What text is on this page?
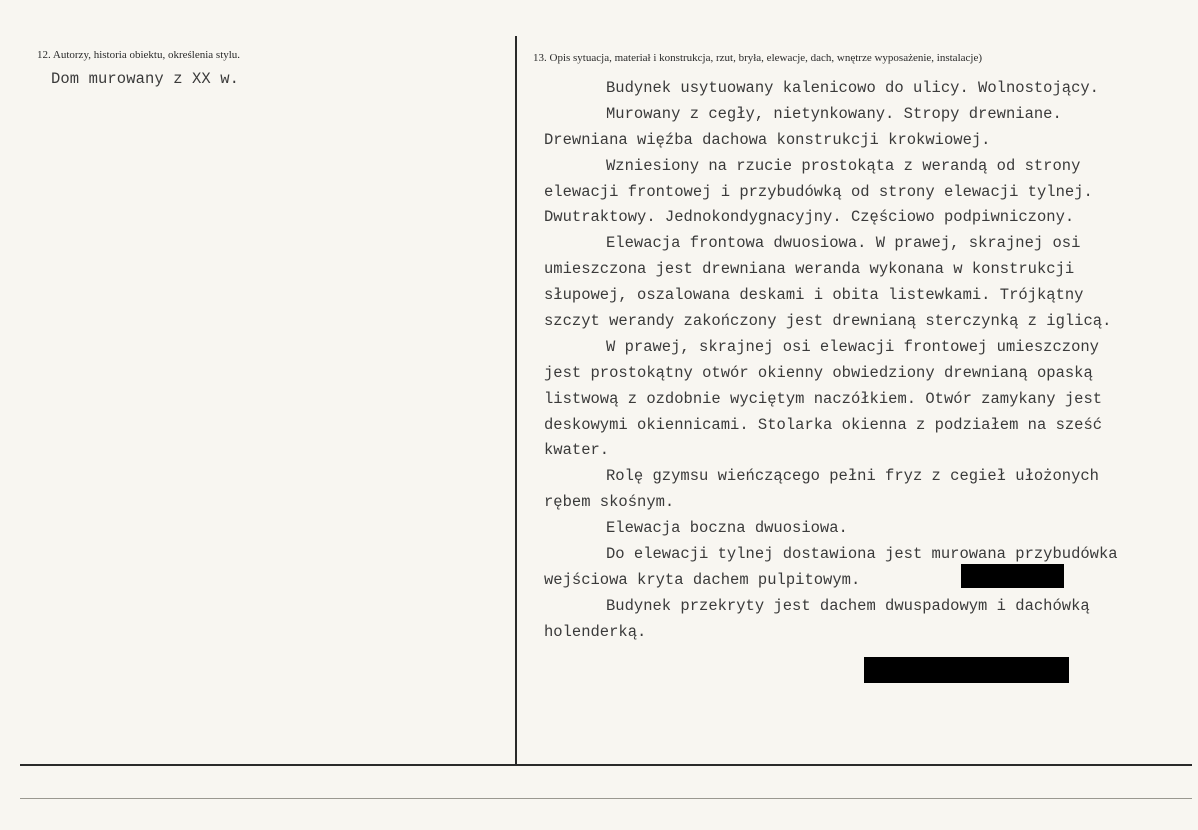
12. Autorzy, historia obiektu, określenia stylu.
Dom murowany z XX w.
13. Opis sytuacja, materiał i konstrukcja, rzut, bryła, elewacje, dach, wnętrze wyposażenie, instalacje)
Budynek usytuowany kalenicowo do ulicy. Wolnostojący.
Murowany z cegły, nietynkowany. Stropy drewniane.
Drewniana więźba dachowa konstrukcji krokwiowej.
Wzniesiony na rzucie prostokąta z werandą od strony
elewacji frontowej i przybudówką od strony elewacji tylnej.
Dwutraktowy. Jednokondygnacyjny. Częściowo podpiwniczony.
Elewacja frontowa dwuosiowa. W prawej, skrajnej osi
umieszczona jest drewniana weranda wykonana w konstrukcji
słupowej, oszalowana deskami i obita listewkami. Trójkątny
szczyt werandy zakończony jest drewnianą sterczynką z iglicą.
W prawej, skrajnej osi elewacji frontowej umieszczony
jest prostokątny otwór okienny obwiedziony drewnianą opaską
listwową z ozdobnie wyciętym naczółkiem. Otwór zamykany jest
deskowymi okiennicami. Stolarka okienna z podziałem na sześć
kwater.
Rolę gzymsu wieńczącego pełni fryz z cegieł ułożonych
rębem skośnym.
Elewacja boczna dwuosiowa.
Do elewacji tylnej dostawiona jest murowana przybudówka
wejściowa kryta dachem pulpitowym.
Budynek przekryty jest dachem dwuspadowym i dachówką
holenderką.
